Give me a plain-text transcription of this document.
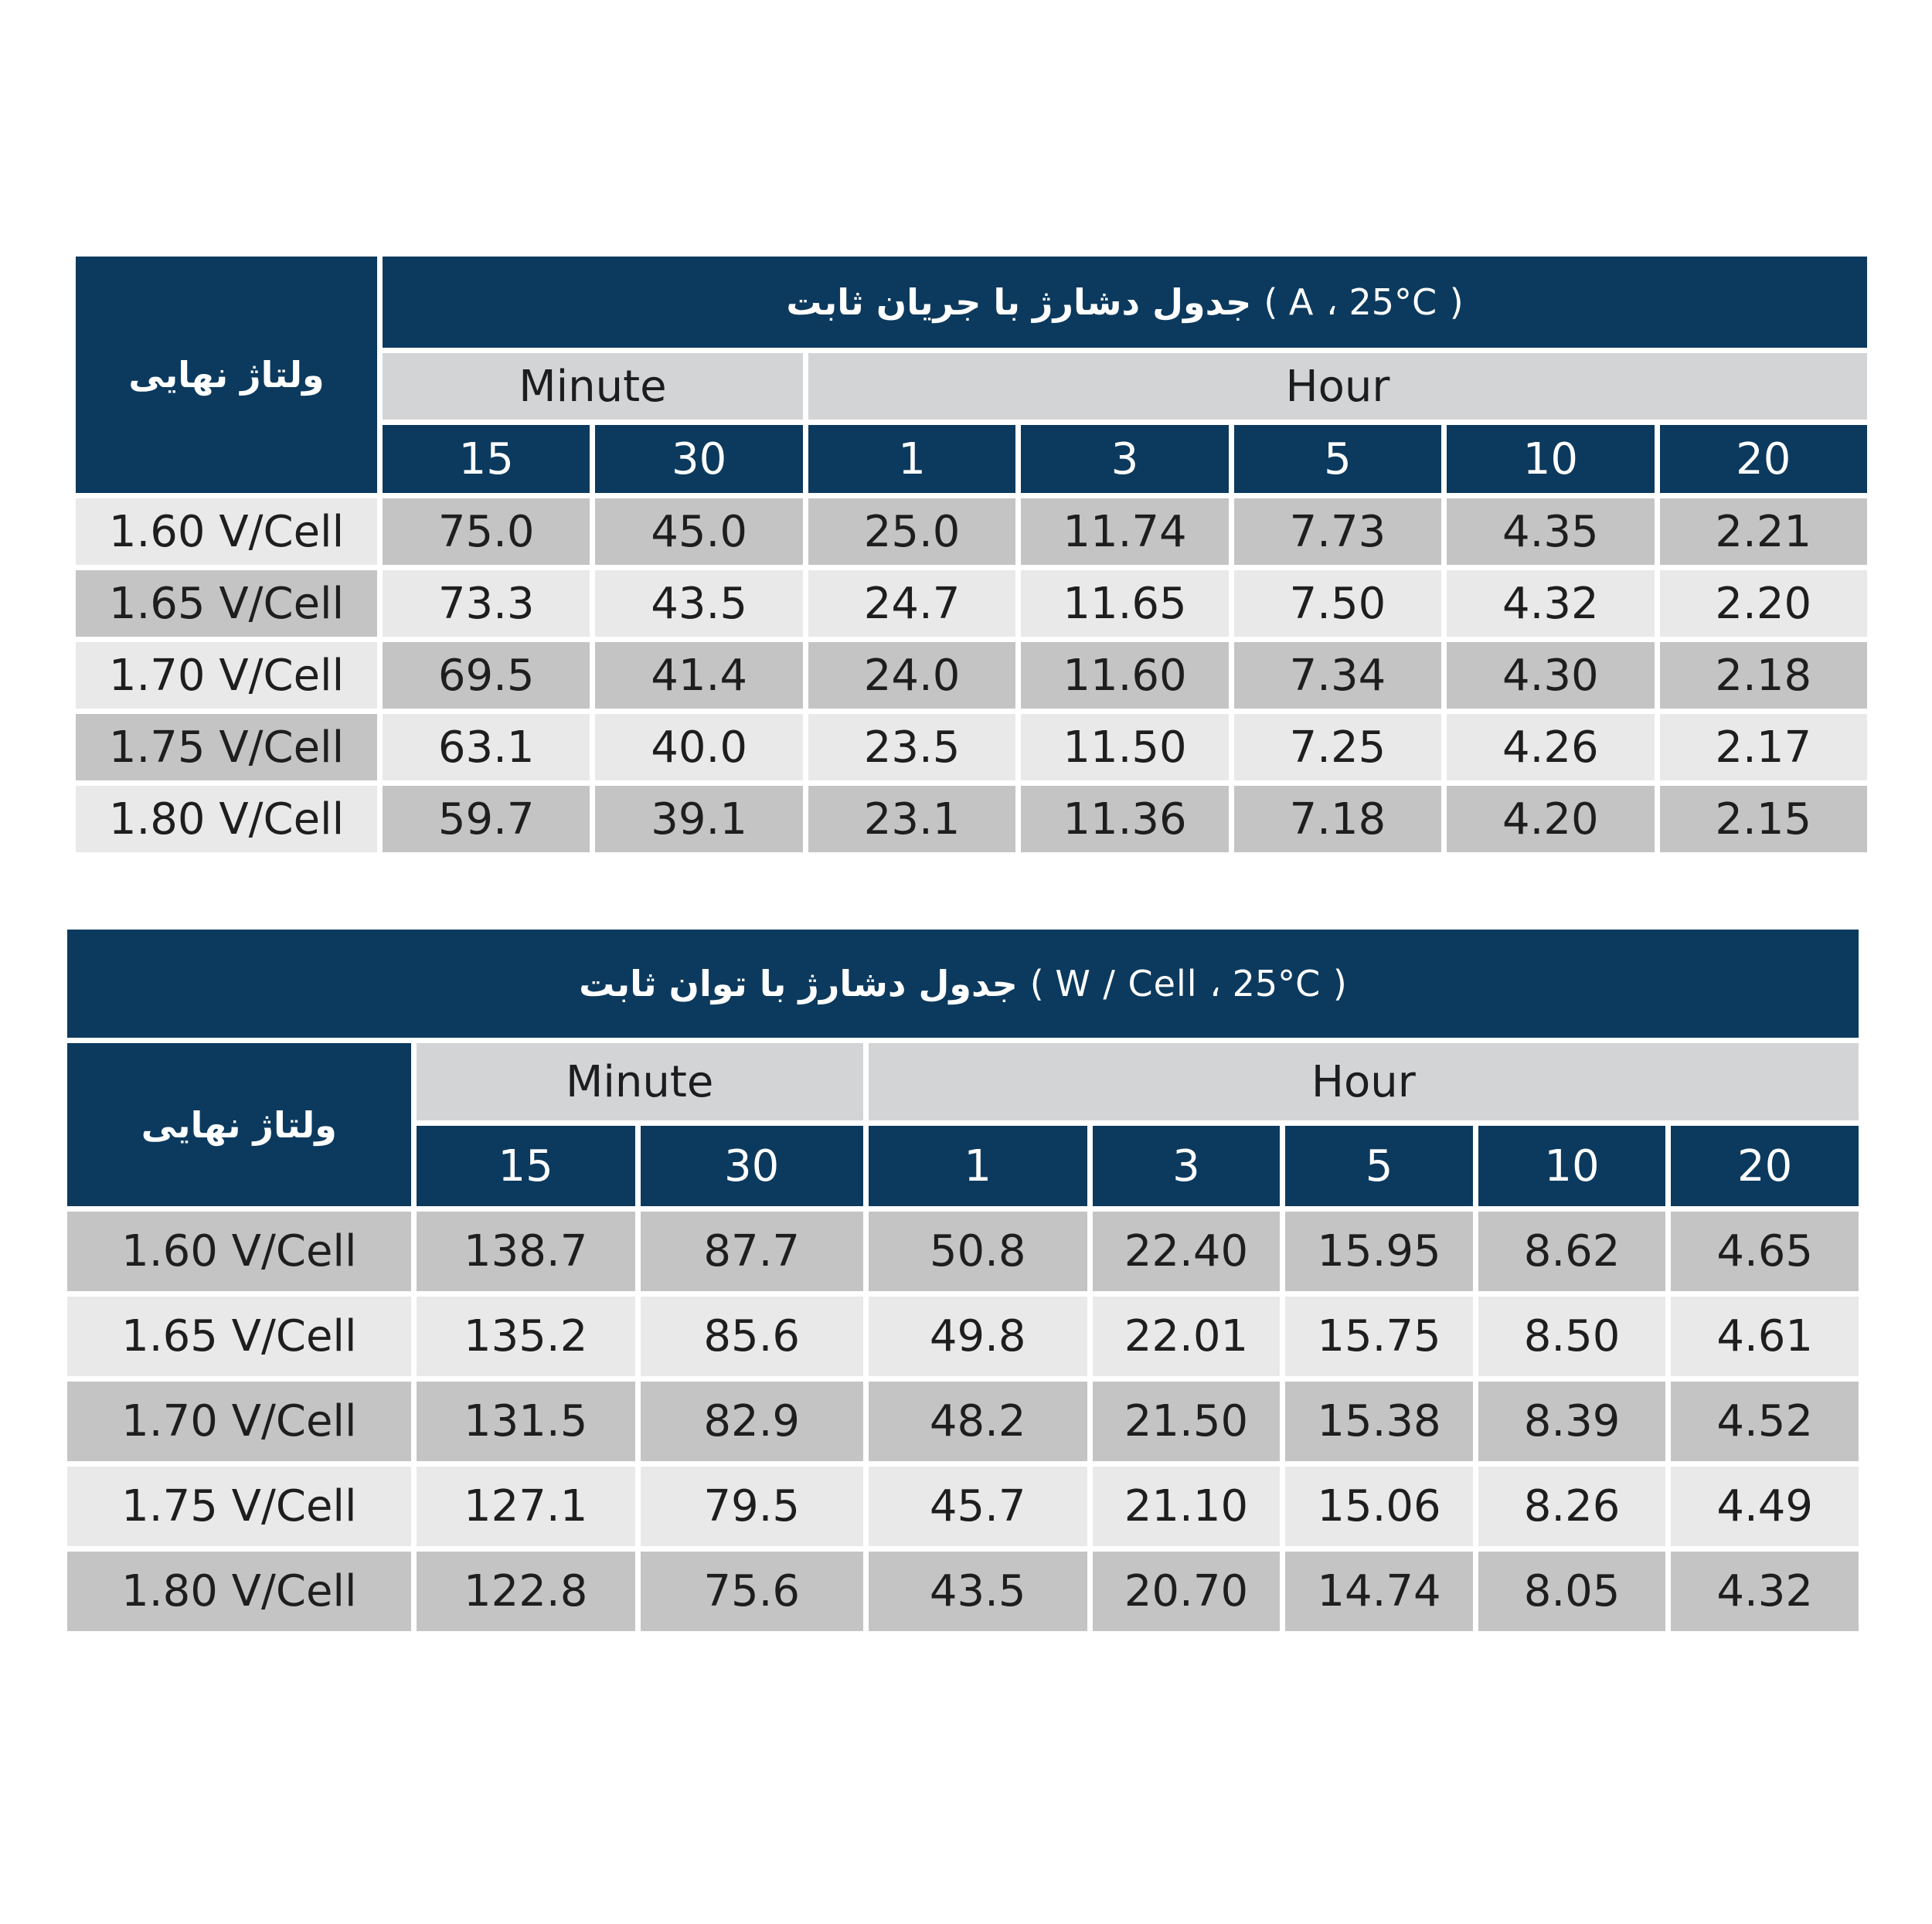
ولتاژ نهایی	جدول دشارژ با جریان ثابت ( A ، 25°C )						
	Minute		Hour				
	15	30	1	3	5	10	20
1.60 V/Cell	75.0	45.0	25.0	11.74	7.73	4.35	2.21
1.65 V/Cell	73.3	43.5	24.7	11.65	7.50	4.32	2.20
1.70 V/Cell	69.5	41.4	24.0	11.60	7.34	4.30	2.18
1.75 V/Cell	63.1	40.0	23.5	11.50	7.25	4.26	2.17
1.80 V/Cell	59.7	39.1	23.1	11.36	7.18	4.20	2.15
جدول دشارژ با توان ثابت ( W / Cell ، 25°C )							
ولتاژ نهایی	Minute		Hour				
	15	30	1	3	5	10	20
1.60 V/Cell	138.7	87.7	50.8	22.40	15.95	8.62	4.65
1.65 V/Cell	135.2	85.6	49.8	22.01	15.75	8.50	4.61
1.70 V/Cell	131.5	82.9	48.2	21.50	15.38	8.39	4.52
1.75 V/Cell	127.1	79.5	45.7	21.10	15.06	8.26	4.49
1.80 V/Cell	122.8	75.6	43.5	20.70	14.74	8.05	4.32
